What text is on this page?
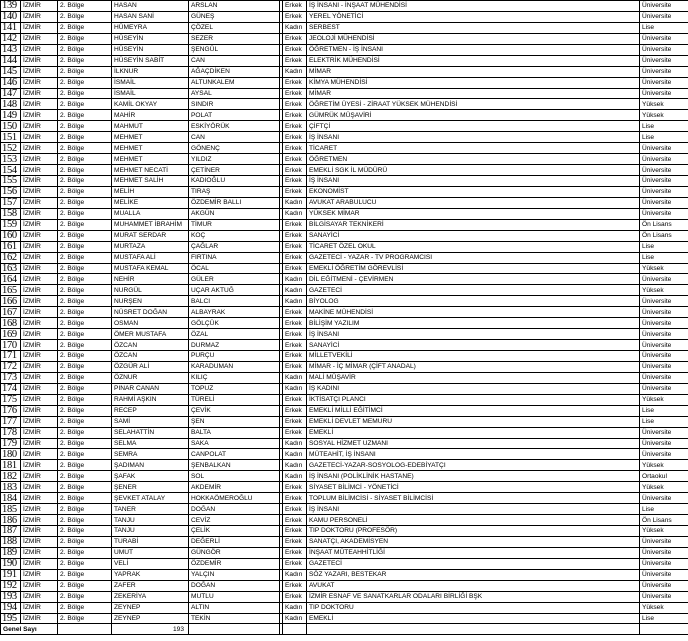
139	İZMİR	2. Bölge	HASAN	ARSLAN		Erkek	İŞ İNSANI - İNŞAAT MÜHENDİSİ	Üniversite
140	İZMİR	2. Bölge	HASAN SANİ	GÜNEŞ		Erkek	YEREL YÖNETİCİ	Üniversite
141	İZMİR	2. Bölge	HÜMEYRA	ÇÖZEL		Kadın	SERBEST	Lise
142	İZMİR	2. Bölge	HÜSEYİN	SEZER		Erkek	JEOLOJİ MÜHENDİSİ	Üniversite
143	İZMİR	2. Bölge	HÜSEYİN	ŞENGÜL		Erkek	ÖĞRETMEN - İŞ İNSANI	Üniversite
144	İZMİR	2. Bölge	HÜSEYİN SABİT	CAN		Erkek	ELEKTRİK MÜHENDİSİ	Üniversite
145	İZMİR	2. Bölge	İLKNUR	AĞAÇDİKEN		Kadın	MİMAR	Üniversite
146	İZMİR	2. Bölge	İSMAİL	ALTUNKALEM		Erkek	KİMYA MÜHENDİSİ	Üniversite
147	İZMİR	2. Bölge	İSMAİL	AYSAL		Erkek	MİMAR	Üniversite
148	İZMİR	2. Bölge	KAMİL OKYAY	SINDIR		Erkek	ÖĞRETİM ÜYESİ - ZİRAAT YÜKSEK MÜHENDİSİ	Yüksek
149	İZMİR	2. Bölge	MAHİR	POLAT		Erkek	GÜMRÜK MÜŞAVİRİ	Yüksek
150	İZMİR	2. Bölge	MAHMUT	ESKİYÖRÜK		Erkek	ÇİFTÇİ	Lise
151	İZMİR	2. Bölge	MEHMET	CAN		Erkek	İŞ İNSANI	Lise
152	İZMİR	2. Bölge	MEHMET	GÖNENÇ		Erkek	TİCARET	Üniversite
153	İZMİR	2. Bölge	MEHMET	YILDIZ		Erkek	ÖĞRETMEN	Üniversite
154	İZMİR	2. Bölge	MEHMET NECATİ	ÇETİNER		Erkek	EMEKLİ SGK İL MÜDÜRÜ	Üniversite
155	İZMİR	2. Bölge	MEHMET SALİH	KADIOĞLU		Erkek	İŞ İNSANI	Üniversite
156	İZMİR	2. Bölge	MELİH	TIRAŞ		Erkek	EKONOMİST	Üniversite
157	İZMİR	2. Bölge	MELİKE	ÖZDEMİR BALLI		Kadın	AVUKAT ARABULUCU	Üniversite
158	İZMİR	2. Bölge	MUALLA	AKGÜN		Kadın	YÜKSEK MİMAR	Üniversite
159	İZMİR	2. Bölge	MUHAMMET İBRAHİM	TİMUR		Erkek	BİLGİSAYAR TEKNİKERİ	Ön Lisans
160	İZMİR	2. Bölge	MURAT SERDAR	KOÇ		Erkek	SANAYİCİ	Ön Lisans
161	İZMİR	2. Bölge	MURTAZA	ÇAĞLAR		Erkek	TİCARET ÖZEL OKUL	Lise
162	İZMİR	2. Bölge	MUSTAFA ALİ	FIRTINA		Erkek	GAZETECİ - YAZAR - TV PROGRAMCISI	Lise
163	İZMİR	2. Bölge	MUSTAFA KEMAL	ÖCAL		Erkek	EMEKLİ ÖĞRETİM GÖREVLİSİ	Yüksek
164	İZMİR	2. Bölge	NEHİR	GÜLER		Kadın	DİL EĞİTMENİ - ÇEVİRMEN	Üniversite
165	İZMİR	2. Bölge	NURGÜL	UÇAR AKTUĞ		Kadın	GAZETECİ	Yüksek
166	İZMİR	2. Bölge	NURŞEN	BALCI		Kadın	BİYOLOG	Üniversite
167	İZMİR	2. Bölge	NÜSRET DOĞAN	ALBAYRAK		Erkek	MAKİNE MÜHENDİSİ	Üniversite
168	İZMİR	2. Bölge	OSMAN	GÖLÇÜK		Erkek	BİLİŞİM YAZILIM	Üniversite
169	İZMİR	2. Bölge	ÖMER MUSTAFA	ÖZAL		Erkek	İŞ İNSANI	Üniversite
170	İZMİR	2. Bölge	ÖZCAN	DURMAZ		Erkek	SANAYİCİ	Üniversite
171	İZMİR	2. Bölge	ÖZCAN	PURÇU		Erkek	MİLLETVEKİLİ	Üniversite
172	İZMİR	2. Bölge	ÖZGÜR ALİ	KARADUMAN		Erkek	MİMAR - İÇ MİMAR (ÇİFT ANADAL)	Üniversite
173	İZMİR	2. Bölge	ÖZNUR	KILIÇ		Kadın	MALİ MÜŞAVİR	Üniversite
174	İZMİR	2. Bölge	PINAR CANAN	TOPUZ		Kadın	İŞ KADINI	Üniversite
175	İZMİR	2. Bölge	RAHMİ AŞKIN	TÜRELİ		Erkek	İKTİSATÇI PLANCI	Yüksek
176	İZMİR	2. Bölge	RECEP	ÇEVİK		Erkek	EMEKLİ MİLLİ EĞİTİMCİ	Lise
177	İZMİR	2. Bölge	SAMİ	ŞEN		Erkek	EMEKLİ DEVLET MEMURU	Lise
178	İZMİR	2. Bölge	SELAHATTİN	BALTA		Erkek	EMEKLİ	Üniversite
179	İZMİR	2. Bölge	SELMA	SAKA		Kadın	SOSYAL HİZMET UZMANI	Üniversite
180	İZMİR	2. Bölge	SEMRA	CANPOLAT		Kadın	MÜTEAHİT, İŞ İNSANI	Üniversite
181	İZMİR	2. Bölge	ŞADIMAN	ŞENBALKAN		Kadın	GAZETECİ-YAZAR-SOSYOLOG-EDEBİYATÇI	Yüksek
182	İZMİR	2. Bölge	ŞAFAK	SOL		Kadın	İŞ İNSANI (POLİKLİNİK HASTANE)	Ortaokul
183	İZMİR	2. Bölge	ŞENER	AKDEMİR		Erkek	SİYASET BİLİMCİ - YÖNETİCİ	Yüksek
184	İZMİR	2. Bölge	ŞEVKET ATALAY	HOKKAÖMEROĞLU		Erkek	TOPLUM BİLİMCİSİ - SİYASET BİLİMCİSİ	Üniversite
185	İZMİR	2. Bölge	TANER	DOĞAN		Erkek	İŞ İNSANI	Lise
186	İZMİR	2. Bölge	TANJU	CEVİZ		Erkek	KAMU PERSONELİ	Ön Lisans
187	İZMİR	2. Bölge	TANJU	ÇELİK		Erkek	TIP DOKTORU (PROFESÖR)	Yüksek
188	İZMİR	2. Bölge	TURABİ	DEĞERLİ		Erkek	SANATÇI, AKADEMİSYEN	Üniversite
189	İZMİR	2. Bölge	UMUT	GÜNGÖR		Erkek	İNŞAAT MÜTEAHHİTLİĞİ	Üniversite
190	İZMİR	2. Bölge	VELİ	ÖZDEMİR		Erkek	GAZETECİ	Üniversite
191	İZMİR	2. Bölge	YAPRAK	YALÇIN		Kadın	SÖZ YAZARI, BESTEKAR	Üniversite
192	İZMİR	2. Bölge	ZAFER	DOĞAN		Erkek	AVUKAT	Üniversite
193	İZMİR	2. Bölge	ZEKERİYA	MUTLU		Erkek	İZMİR ESNAF VE SANATKARLAR ODALARI BİRLİĞİ BŞK	Üniversite
194	İZMİR	2. Bölge	ZEYNEP	ALTIN		Kadın	TIP DOKTORU	Yüksek
195	İZMİR	2. Bölge	ZEYNEP	TEKİN		Kadın	EMEKLİ	Lise
Genel Sayı			193					
